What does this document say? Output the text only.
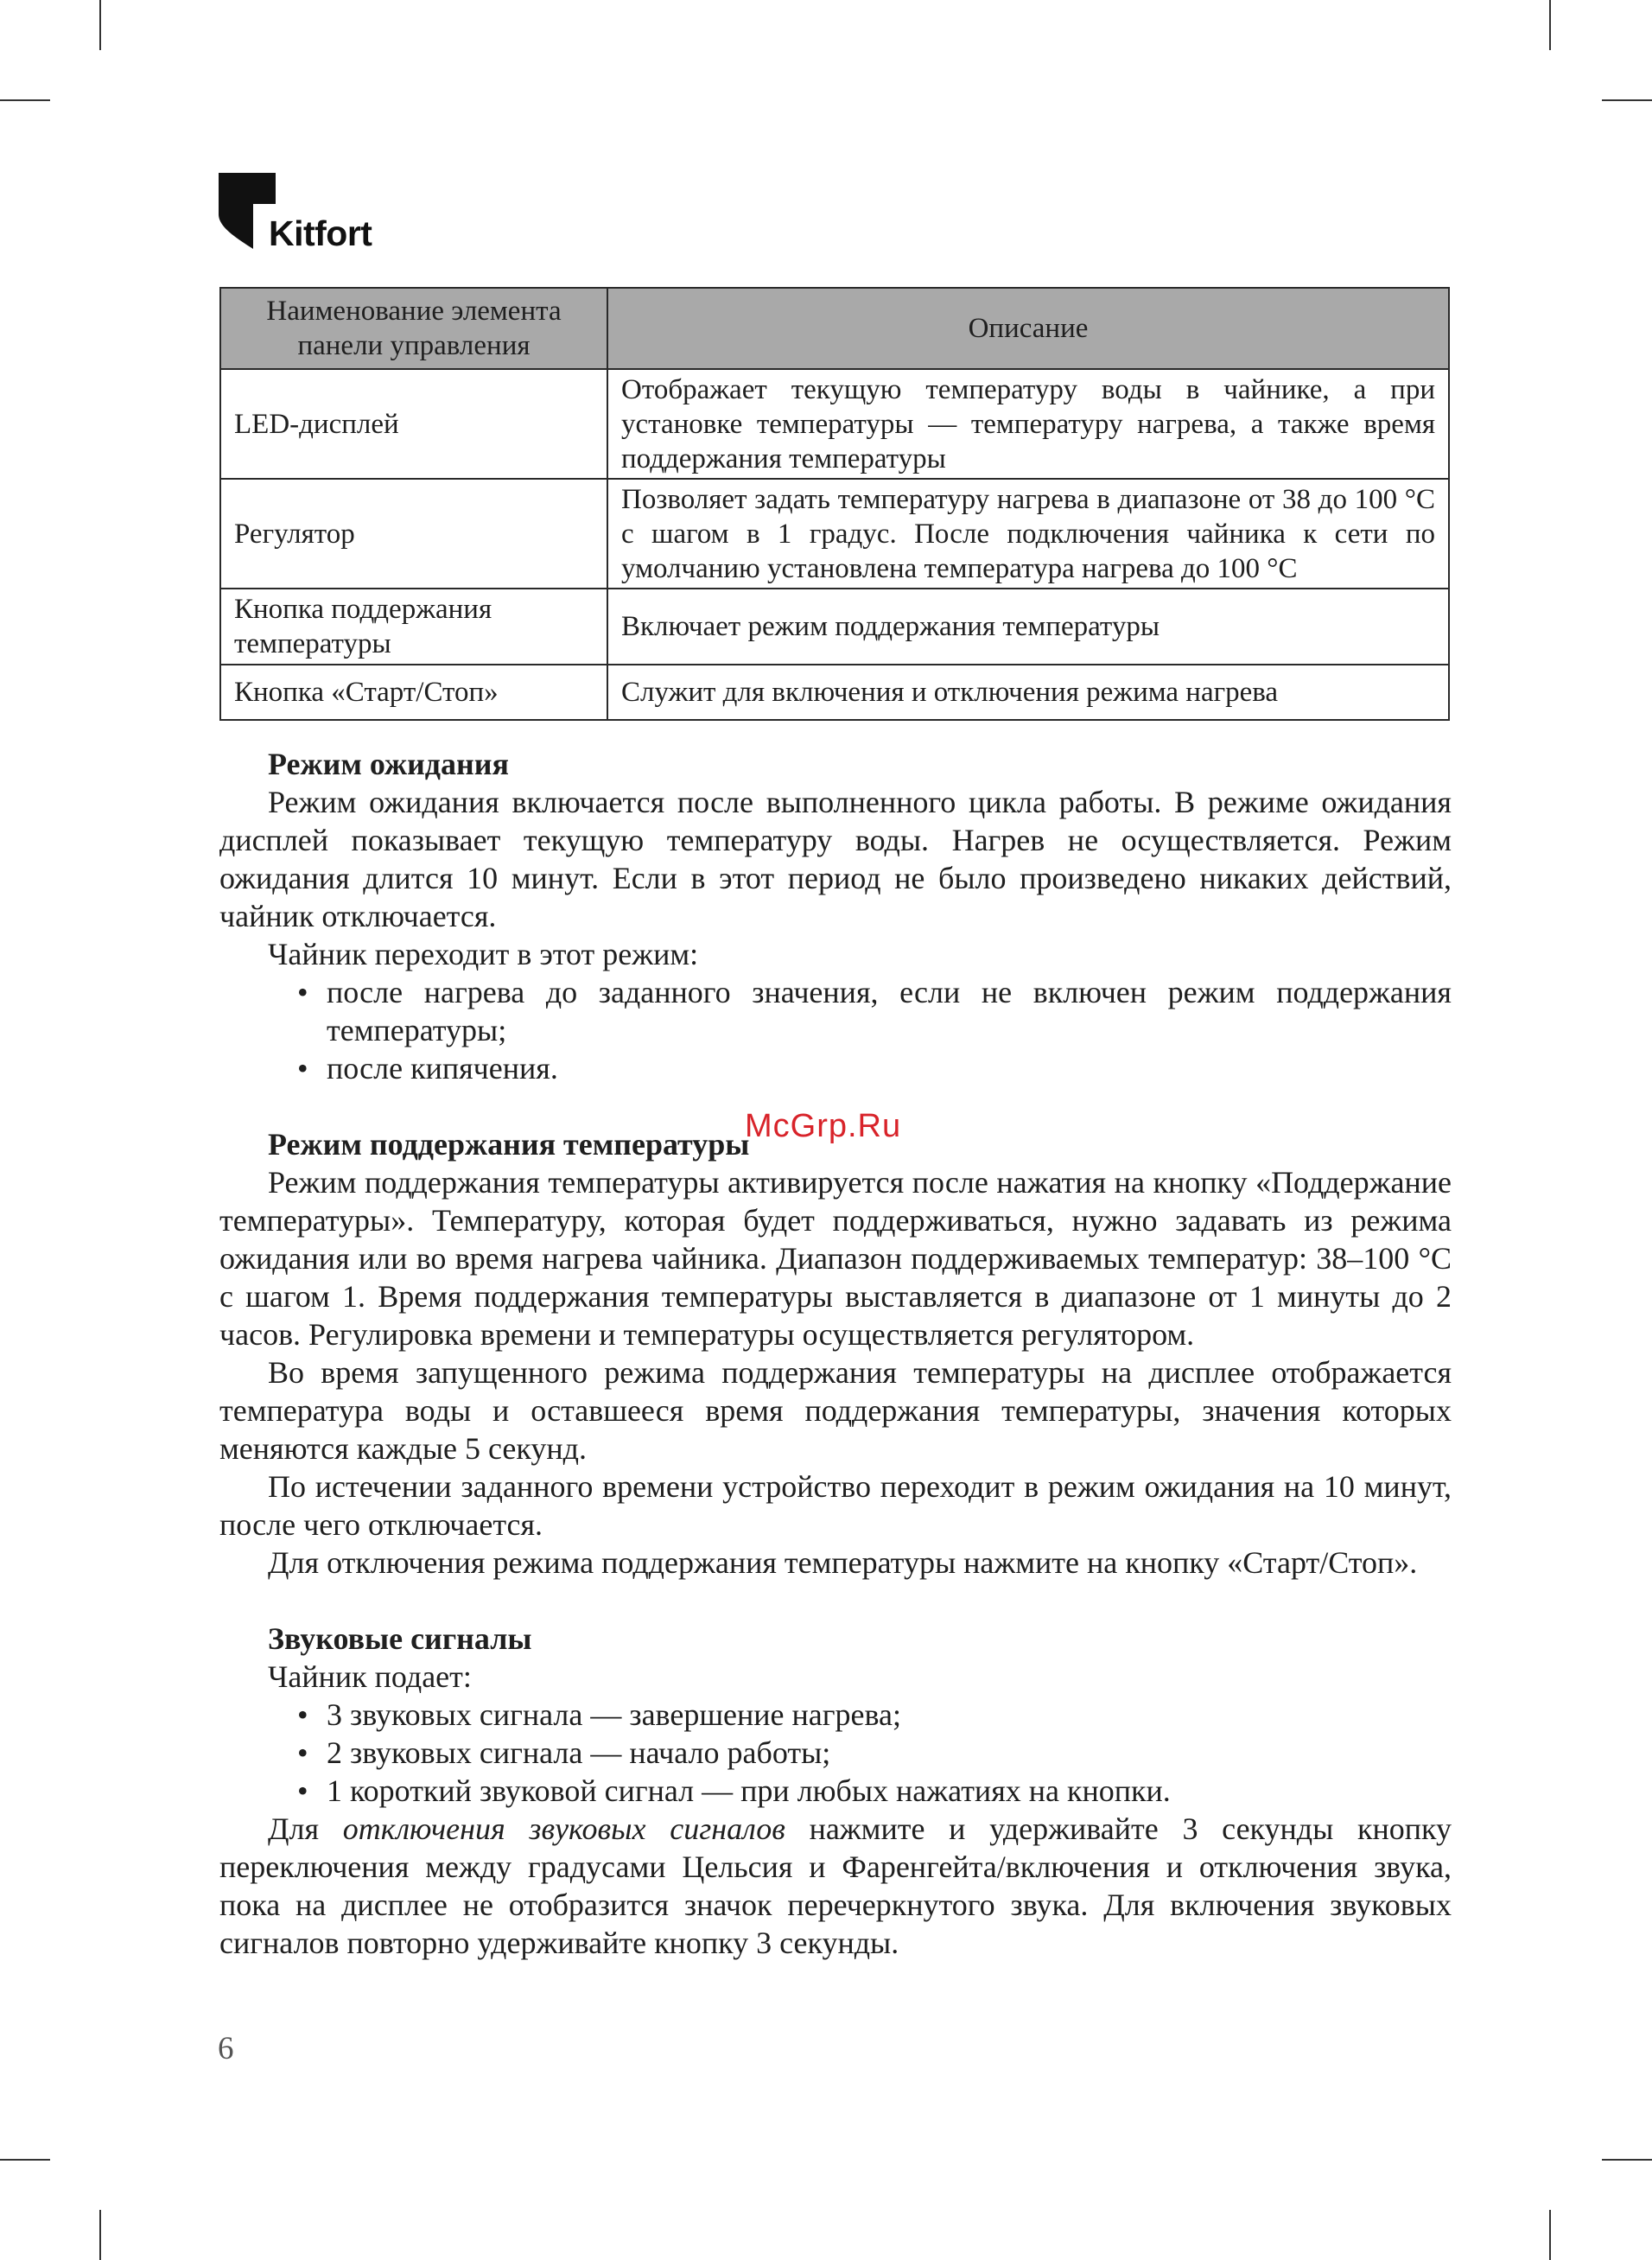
Kitfort
Наименование элемента панели управления	Описание
LED-дисплей	Отображает текущую температуру воды в чайнике, а при установке температуры — температуру нагрева, а также время поддержания температуры
Регулятор	Позволяет задать температуру нагрева в диапазоне от 38 до 100 °С с шагом в 1 градус. После подключения чайника к сети по умолчанию установлена температура нагрева до 100 °С
Кнопка поддержания температуры	Включает режим поддержания температуры
Кнопка «Старт/Стоп»	Служит для включения и отключения режима нагрева
Режим ожидания

Режим ожидания включается после выполненного цикла работы. В режиме ожидания дисплей показывает текущую температуру воды. Нагрев не осуществляется. Режим ожидания длится 10 минут. Если в этот период не было произведено никаких действий, чайник отключается.

Чайник переходит в этот режим:

• после нагрева до заданного значения, если не включен режим поддержания температуры;
• после кипячения.
Режим поддержания температуры

Режим поддержания температуры активируется после нажатия на кнопку «Поддержание температуры». Температуру, которая будет поддерживаться, нужно задавать из режима ожидания или во время нагрева чайника. Диапазон поддерживаемых температур: 38–100 °С с шагом 1. Время поддержания температуры выставляется в диапазоне от 1 минуты до 2 часов. Регулировка времени и температуры осуществляется регулятором.

Во время запущенного режима поддержания температуры на дисплее отображается температура воды и оставшееся время поддержания температуры, значения которых меняются каждые 5 секунд.

По истечении заданного времени устройство переходит в режим ожидания на 10 минут, после чего отключается.

Для отключения режима поддержания температуры нажмите на кнопку «Старт/Стоп».

Звуковые сигналы

Чайник подает:

• 3 звуковых сигнала — завершение нагрева;
• 2 звуковых сигнала — начало работы;
• 1 короткий звуковой сигнал — при любых нажатиях на кнопки.

Для отключения звуковых сигналов нажмите и удерживайте 3 секунды кнопку переключения между градусами Цельсия и Фаренгейта/включения и отключения звука, пока на дисплее не отобразится значок перечеркнутого звука. Для включения звуковых сигналов повторно удерживайте кнопку 3 секунды.

McGrp.Ru
6
